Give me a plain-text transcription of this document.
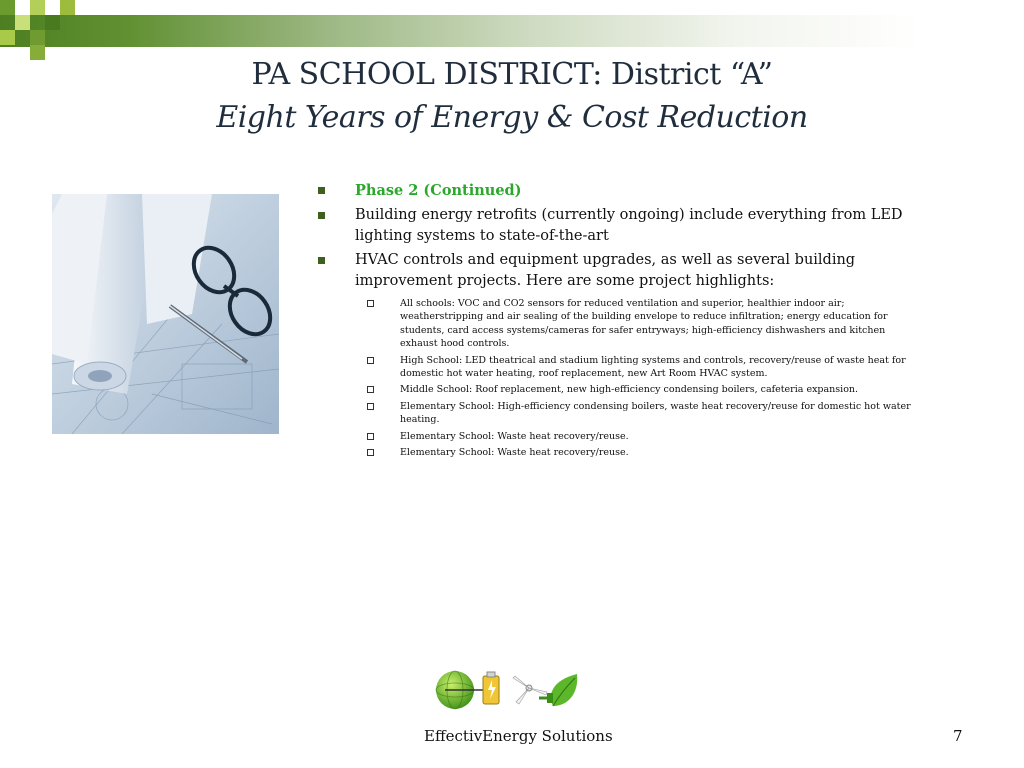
PA SCHOOL DISTRICT: District “A”
Eight Years of Energy & Cost Reduction
Phase 2 (Continued)
Building energy retrofits (currently ongoing) include everything from LED lighting systems to state-of-the-art
HVAC controls and equipment upgrades, as well as several building improvement projects. Here are some project highlights:
All schools: VOC and CO2 sensors for reduced ventilation and superior, healthier indoor air; weatherstripping and air sealing of the building envelope to reduce infiltration; energy education for students, card access systems/cameras for safer entryways; high-efficiency dishwashers and kitchen exhaust hood controls.
High School: LED theatrical and stadium lighting systems and controls, recovery/reuse of waste heat for domestic hot water heating, roof replacement, new Art Room HVAC system.
Middle School: Roof replacement, new high-efficiency condensing boilers, cafeteria expansion.
Elementary School: High-efficiency condensing boilers, waste heat recovery/reuse for domestic hot water heating.
Elementary School: Waste heat recovery/reuse.
Elementary School: Waste heat recovery/reuse.
EffectivEnergy Solutions	7
